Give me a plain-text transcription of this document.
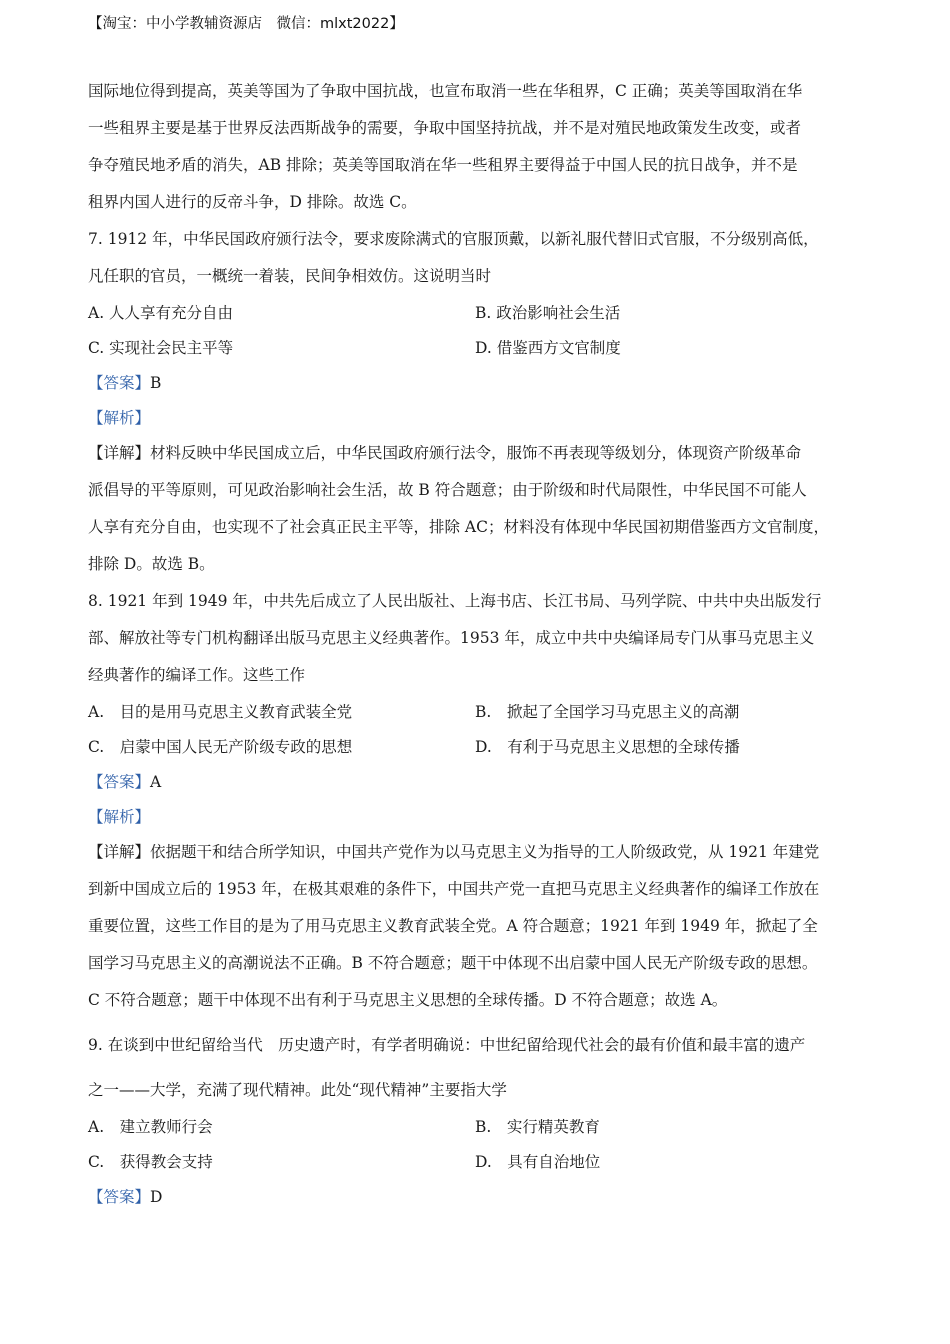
【淘宝：中小学教辅资源店　微信：mlxt2022】
国际地位得到提高，英美等国为了争取中国抗战，也宣布取消一些在华租界，C 正确；英美等国取消在华
一些租界主要是基于世界反法西斯战争的需要，争取中国坚持抗战，并不是对殖民地政策发生改变，或者
争夺殖民地矛盾的消失，AB 排除；英美等国取消在华一些租界主要得益于中国人民的抗日战争，并不是
租界内国人进行的反帝斗争，D 排除。故选 C。
7. 1912 年，中华民国政府颁行法令，要求废除满式的官服顶戴，以新礼服代替旧式官服，不分级别高低，
凡任职的官员，一概统一着装，民间争相效仿。这说明当时
A. 人人享有充分自由	B. 政治影响社会生活
C. 实现社会民主平等	D. 借鉴西方文官制度
【答案】B
【解析】
【详解】材料反映中华民国成立后，中华民国政府颁行法令，服饰不再表现等级划分，体现资产阶级革命
派倡导的平等原则，可见政治影响社会生活，故 B 符合题意；由于阶级和时代局限性，中华民国不可能人
人享有充分自由，也实现不了社会真正民主平等，排除 AC；材料没有体现中华民国初期借鉴西方文官制度，
排除 D。故选 B。
8. 1921 年到 1949 年，中共先后成立了人民出版社、上海书店、长江书局、马列学院、中共中央出版发行
部、解放社等专门机构翻译出版马克思主义经典著作。1953 年，成立中共中央编译局专门从事马克思主义
经典著作的编译工作。这些工作
A.　目的是用马克思主义教育武装全党	B.　掀起了全国学习马克思主义的高潮
C.　启蒙中国人民无产阶级专政的思想	D.　有利于马克思主义思想的全球传播
【答案】A
【解析】
【详解】依据题干和结合所学知识，中国共产党作为以马克思主义为指导的工人阶级政党，从 1921 年建党
到新中国成立后的 1953 年，在极其艰难的条件下，中国共产党一直把马克思主义经典著作的编译工作放在
重要位置，这些工作目的是为了用马克思主义教育武装全党。A 符合题意；1921 年到 1949 年，掀起了全
国学习马克思主义的高潮说法不正确。B 不符合题意；题干中体现不出启蒙中国人民无产阶级专政的思想。
C 不符合题意；题干中体现不出有利于马克思主义思想的全球传播。D 不符合题意；故选 A。
9. 在谈到中世纪留给当代　历史遗产时，有学者明确说：中世纪留给现代社会的最有价值和最丰富的遗产
之一——大学，充满了现代精神。此处“现代精神”主要指大学
A.　建立教师行会	B.　实行精英教育
C.　获得教会支持	D.　具有自治地位
【答案】D
